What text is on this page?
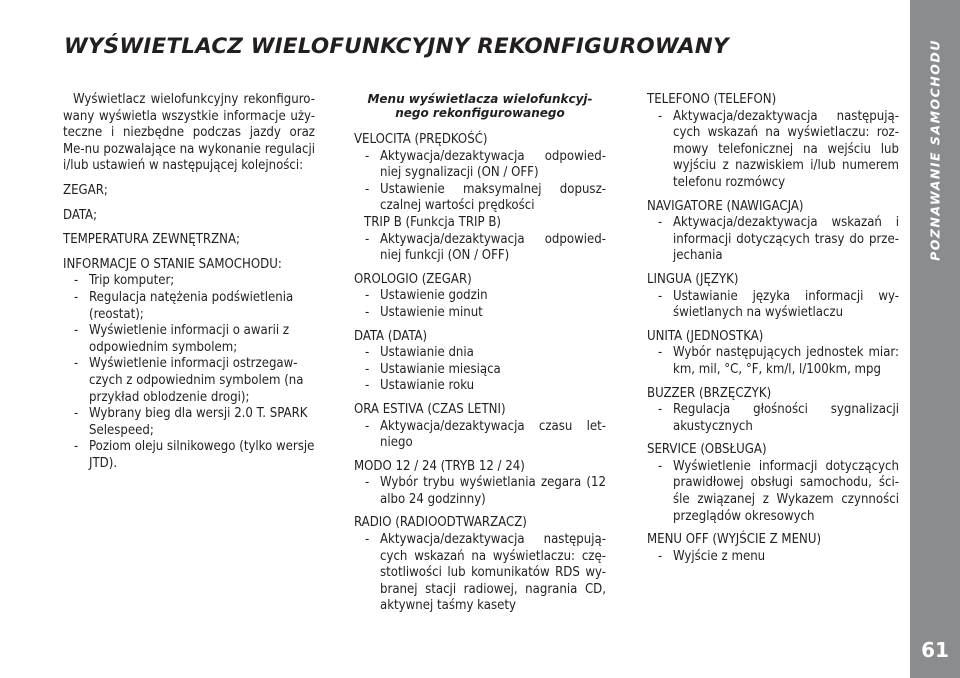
WYŚWIETLACZ WIELOFUNKCYJNY REKONFIGUROWANY	POZNAWANIE SAMOCHODU
61

Wyświetlacz wielofunkcyjny rekonfiguro-wany wyświetla wszystkie informacje uży-teczne i niezbędne podczas jazdy oraz Me-nu pozwalające na wykonanie regulacji i/lub ustawień w następującej kolejności:

ZEGAR;

DATA;

TEMPERATURA ZEWNĘTRZNA;

INFORMACJE O STANIE SAMOCHODU:

- Trip komputer;
- Regulacja natężenia podświetlenia (reostat);
- Wyświetlenie informacji o awarii z odpowiednim symbolem;
- Wyświetlenie informacji ostrzegaw-czych z odpowiednim symbolem (na przykład oblodzenie drogi);
- Wybrany bieg dla wersji 2.0 T. SPARK Selespeed;
- Poziom oleju silnikowego (tylko wersje JTD).

Menu wyświetlacza wielofunkcyj-nego rekonfigurowanego

VELOCITA (PRĘDKOŚĆ)

- Aktywacja/dezaktywacja odpowied-niej sygnalizacji (ON / OFF)
- Ustawienie maksymalnej dopusz-czalnej wartości prędkości

TRIP B (Funkcja TRIP B)

- Aktywacja/dezaktywacja odpowied-niej funkcji (ON / OFF)

OROLOGIO (ZEGAR)

- Ustawienie godzin
- Ustawienie minut

DATA (DATA)

- Ustawianie dnia
- Ustawianie miesiąca
- Ustawianie roku

ORA ESTIVA (CZAS LETNI)

- Aktywacja/dezaktywacja czasu let-niego

MODO 12 / 24 (TRYB 12 / 24)

- Wybór trybu wyświetlania zegara (12 albo 24 godzinny)

RADIO (RADIOODTWARZACZ)

- Aktywacja/dezaktywacja następują-cych wskazań na wyświetlaczu: czę-stotliwości lub komunikatów RDS wy-branej stacji radiowej, nagrania CD, aktywnej taśmy kasety

TELEFONO (TELEFON)

- Aktywacja/dezaktywacja następują-cych wskazań na wyświetlaczu: roz-mowy telefonicznej na wejściu lub wyjściu z nazwiskiem i/lub numerem telefonu rozmówcy

NAVIGATORE (NAWIGACJA)

- Aktywacja/dezaktywacja wskazań i informacji dotyczących trasy do prze-jechania

LINGUA (JĘZYK)

- Ustawianie języka informacji wy-świetlanych na wyświetlaczu

UNITA (JEDNOSTKA)

- Wybór następujących jednostek miar: km, mil, °C, °F, km/l, l/100km, mpg

BUZZER (BRZĘCZYK)

- Regulacja głośności sygnalizacji akustycznych

SERVICE (OBSŁUGA)

- Wyświetlenie informacji dotyczących prawidłowej obsługi samochodu, ści-śle związanej z Wykazem czynności przeglądów okresowych

MENU OFF (WYJŚCIE Z MENU)

- Wyjście z menu
